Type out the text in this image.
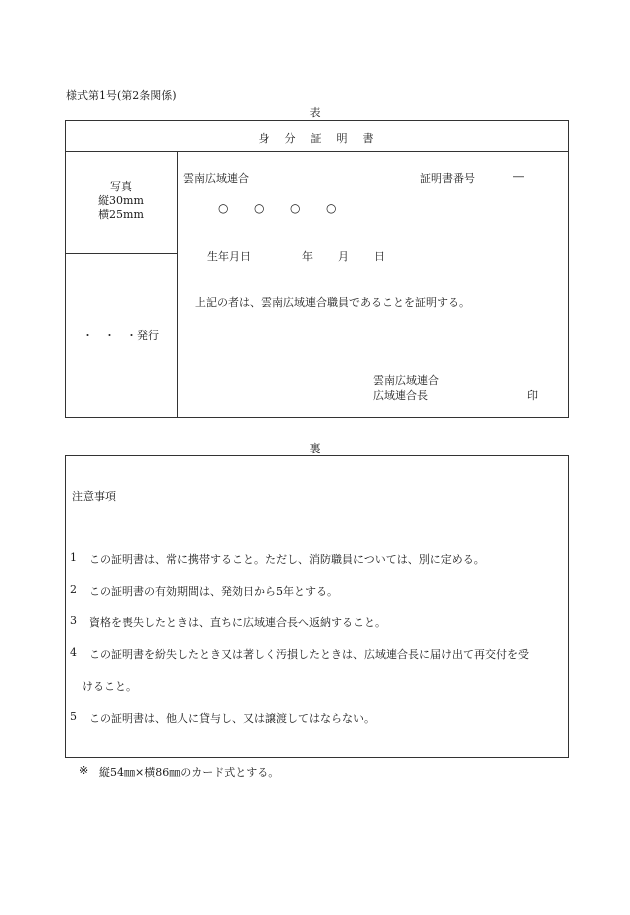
様式第1号(第2条関係)
表
身　分　証　明　書
写真
縦30mm
横25mm
・　・　・発行
雲南広域連合	証明書番号	―
○ ○ ○ ○
生年月日	年 月 日
上記の者は、雲南広域連合職員であることを証明する。
雲南広域連合
広域連合長	印
裏
注意事項
1 この証明書は、常に携帯すること。ただし、消防職員については、別に定める。
2 この証明書の有効期間は、発効日から5年とする。
3 資格を喪失したときは、直ちに広域連合長へ返納すること。
4 この証明書を紛失したとき又は著しく汚損したときは、広域連合長に届け出て再交付を受
けること。
5 この証明書は、他人に貸与し、又は譲渡してはならない。
※ 縦54㎜×横86㎜のカード式とする。
